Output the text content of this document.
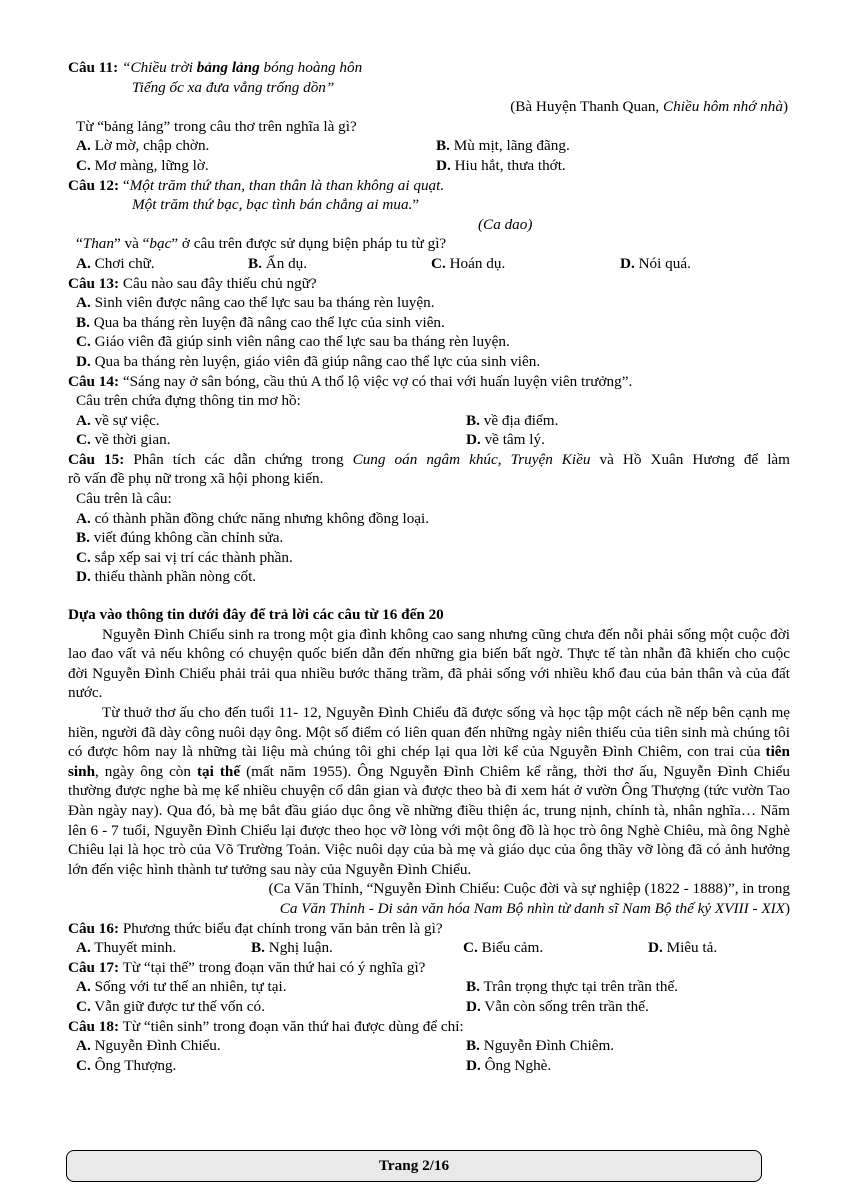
Câu 11: “Chiều trời bảng lảng bóng hoàng hôn
Tiếng ốc xa đưa vẳng trống dồn”
(Bà Huyện Thanh Quan, Chiều hôm nhớ nhà)
Từ “bảng lảng” trong câu thơ trên nghĩa là gì?
A. Lờ mờ, chập chờn.	B. Mù mịt, lãng đãng.
C. Mơ màng, lững lờ.	D. Hiu hắt, thưa thớt.
Câu 12: “Một trăm thứ than, than thân là than không ai quạt.
Một trăm thứ bạc, bạc tình bán chẳng ai mua.”
(Ca dao)
“Than” và “bạc” ở câu trên được sử dụng biện pháp tu từ gì?
A. Chơi chữ.	B. Ẩn dụ.	C. Hoán dụ.	D. Nói quá.
Câu 13: Câu nào sau đây thiếu chủ ngữ?
A. Sinh viên được nâng cao thể lực sau ba tháng rèn luyện.
B. Qua ba tháng rèn luyện đã nâng cao thể lực của sinh viên.
C. Giáo viên đã giúp sinh viên nâng cao thể lực sau ba tháng rèn luyện.
D. Qua ba tháng rèn luyện, giáo viên đã giúp nâng cao thể lực của sinh viên.
Câu 14: “Sáng nay ở sân bóng, cầu thủ A thổ lộ việc vợ có thai với huấn luyện viên trưởng”.
Câu trên chứa đựng thông tin mơ hồ:
A. về sự việc.	B. về địa điểm.
C. về thời gian.	D. về tâm lý.
Câu 15: Phân tích các dẫn chứng trong Cung oán ngâm khúc, Truyện Kiều và Hồ Xuân Hương để làm
rõ vấn đề phụ nữ trong xã hội phong kiến.
Câu trên là câu:
A. có thành phần đồng chức năng nhưng không đồng loại.
B. viết đúng không cần chỉnh sửa.
C. sắp xếp sai vị trí các thành phần.
D. thiếu thành phần nòng cốt.
Dựa vào thông tin dưới đây để trả lời các câu từ 16 đến 20
Nguyễn Đình Chiểu sinh ra trong một gia đình không cao sang nhưng cũng chưa đến nỗi phải sống một cuộc đời lao đao vất vả nếu không có chuyện quốc biến dẫn đến những gia biến bất ngờ. Thực tế tàn nhẫn đã khiến cho cuộc đời Nguyễn Đình Chiểu phải trải qua nhiều bước thăng trầm, đã phải sống với nhiều khổ đau của bản thân và của đất nước.
Từ thuở thơ ấu cho đến tuổi 11- 12, Nguyễn Đình Chiểu đã được sống và học tập một cách nề nếp bên cạnh mẹ hiền, người đã dày công nuôi dạy ông. Một số điểm có liên quan đến những ngày niên thiếu của tiên sinh mà chúng tôi có được hôm nay là những tài liệu mà chúng tôi ghi chép lại qua lời kể của Nguyễn Đình Chiêm, con trai của tiên sinh, ngày ông còn tại thế (mất năm 1955). Ông Nguyễn Đình Chiêm kể rằng, thời thơ ấu, Nguyễn Đình Chiểu thường được nghe bà mẹ kể nhiều chuyện cổ dân gian và được theo bà đi xem hát ở vườn Ông Thượng (tức vườn Tao Đàn ngày nay). Qua đó, bà mẹ bắt đầu giáo dục ông về những điều thiện ác, trung nịnh, chính tà, nhân nghĩa… Năm lên 6 - 7 tuổi, Nguyễn Đình Chiểu lại được theo học vỡ lòng với một ông đồ là học trò ông Nghè Chiêu, mà ông Nghè Chiêu lại là học trò của Võ Trường Toản. Việc nuôi dạy của bà mẹ và giáo dục của ông thầy vỡ lòng đã có ảnh hưởng lớn đến việc hình thành tư tưởng sau này của Nguyễn Đình Chiểu.
(Ca Văn Thỉnh, “Nguyễn Đình Chiểu: Cuộc đời và sự nghiệp (1822 - 1888)”, in trong
Ca Văn Thỉnh - Di sản văn hóa Nam Bộ nhìn từ danh sĩ Nam Bộ thế kỷ XVIII - XIX)
Câu 16: Phương thức biểu đạt chính trong văn bản trên là gì?
A. Thuyết minh.	B. Nghị luận.	C. Biểu cảm.	D. Miêu tả.
Câu 17: Từ “tại thế” trong đoạn văn thứ hai có ý nghĩa gì?
A. Sống với tư thế an nhiên, tự tại.	B. Trân trọng thực tại trên trần thế.
C. Vẫn giữ được tư thế vốn có.	D. Vẫn còn sống trên trần thế.
Câu 18: Từ “tiên sinh” trong đoạn văn thứ hai được dùng để chỉ:
A. Nguyễn Đình Chiểu.	B. Nguyễn Đình Chiêm.
C. Ông Thượng.	D. Ông Nghè.
Trang 2/16
